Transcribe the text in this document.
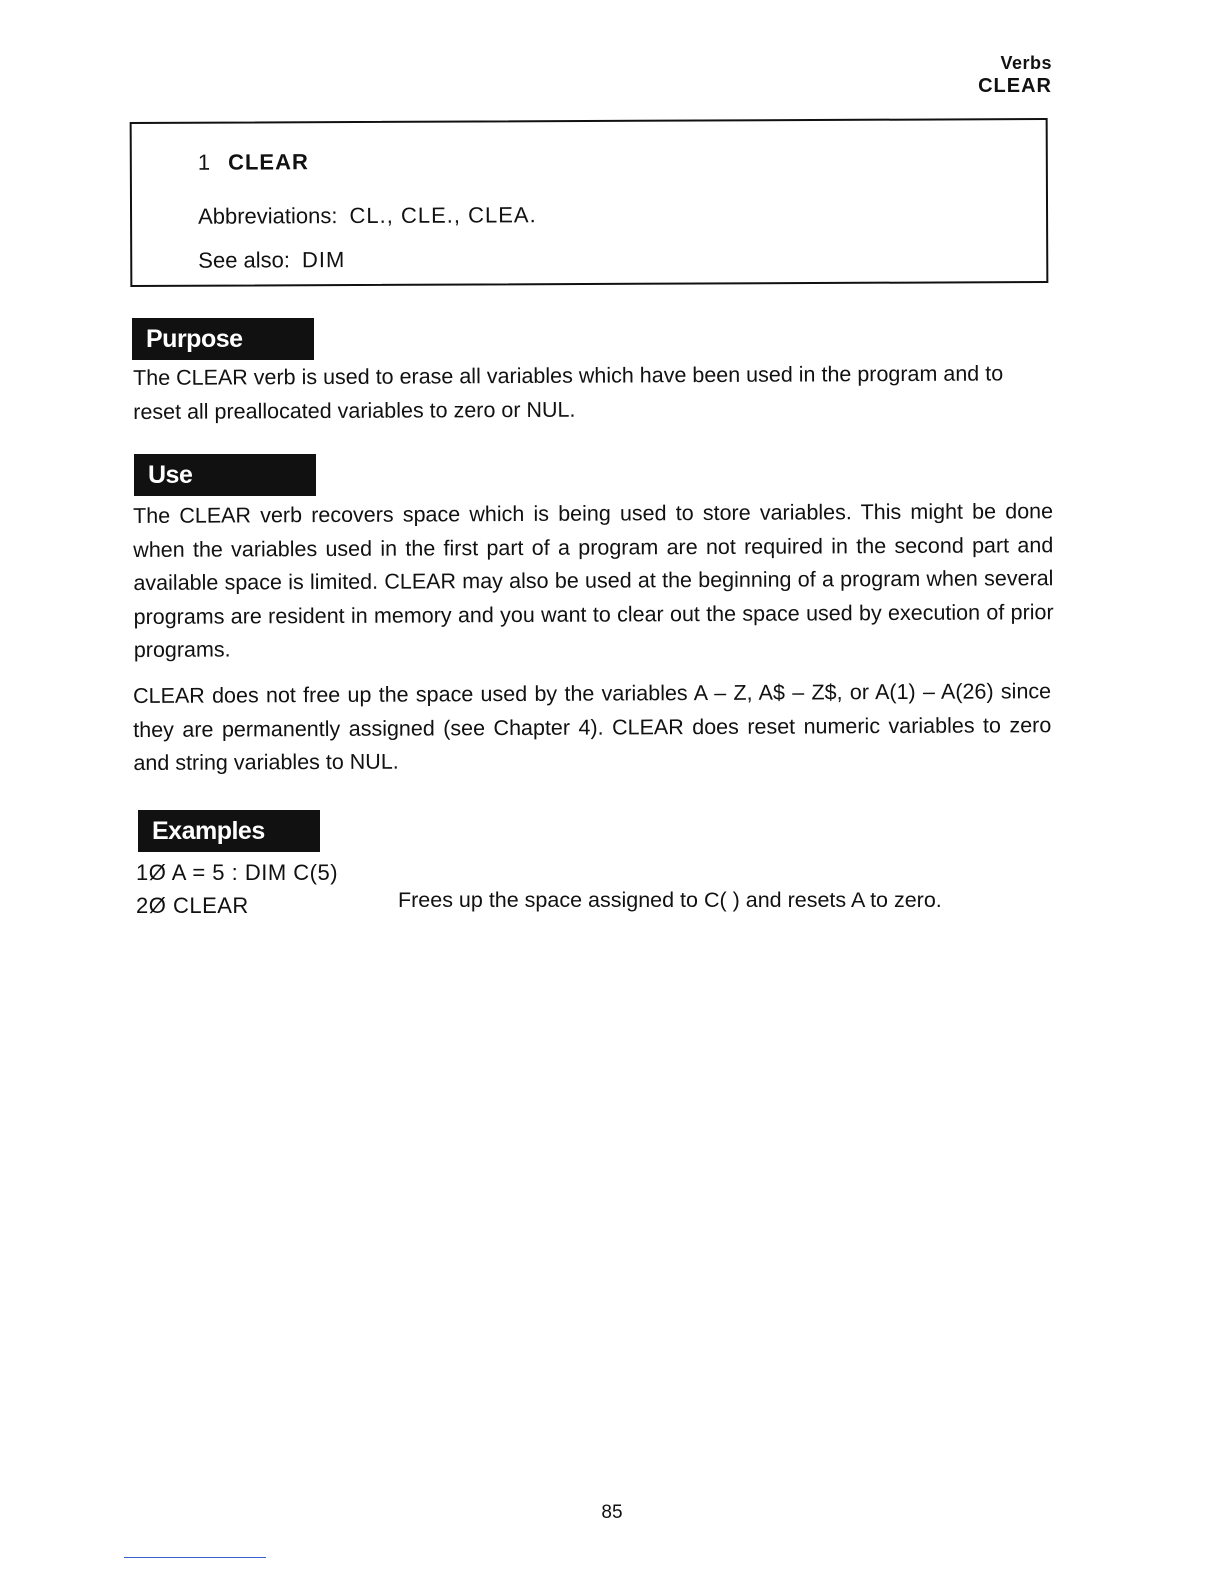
Verbs
CLEAR
1 CLEAR
Abbreviations: CL., CLE., CLEA.
See also: DIM
Purpose
The CLEAR verb is used to erase all variables which have been used in the program and to reset all preallocated variables to zero or NUL.
Use
The CLEAR verb recovers space which is being used to store variables. This might be done when the variables used in the first part of a program are not required in the second part and available space is limited. CLEAR may also be used at the beginning of a program when several programs are resident in memory and you want to clear out the space used by execution of prior programs.
CLEAR does not free up the space used by the variables A – Z, A$ – Z$, or A(1) – A(26) since they are permanently assigned (see Chapter 4). CLEAR does reset numeric variables to zero and string variables to NUL.
Examples
1Ø A = 5 : DIM C(5)
2Ø CLEAR	Frees up the space assigned to C( ) and resets A to zero.
85
